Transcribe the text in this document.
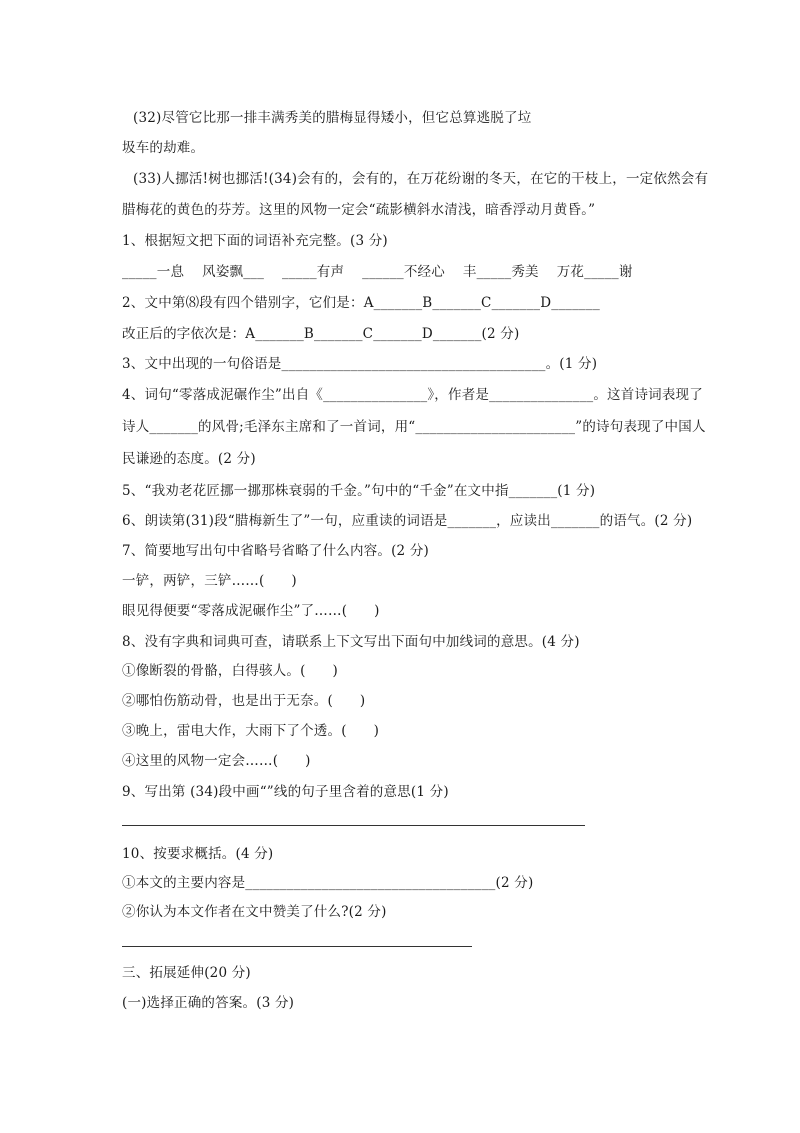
(32)尽管它比那一排丰满秀美的腊梅显得矮小，但它总算逃脱了垃
圾车的劫难。
(33)人挪活!树也挪活!(34)会有的，会有的，在万花纷谢的冬天，在它的干枝上，一定依然会有
腊梅花的黄色的芬芳。这里的风物一定会“疏影横斜水清浅，暗香浮动月黄昏。”
1、根据短文把下面的词语补充完整。(3 分)
_____一息    风姿飘___    _____有声    ______不经心    丰_____秀美    万花_____谢
2、文中第⑻段有四个错别字，它们是：A_______B_______C_______D_______
改正后的字依次是：A_______B_______C_______D_______(2 分)
3、文中出现的一句俗语是______________________________________。(1 分)
4、词句“零落成泥碾作尘”出自《_______________》，作者是_______________。这首诗词表现了
诗人_______的风骨;毛泽东主席和了一首词，用“_______________________”的诗句表现了中国人
民谦逊的态度。(2 分)
5、“我劝老花匠挪一挪那株衰弱的千金。”句中的“千金”在文中指_______(1 分)
6、朗读第(31)段“腊梅新生了”一句，应重读的词语是_______，应读出_______的语气。(2 分)
7、简要地写出句中省略号省略了什么内容。(2 分)
一铲，两铲，三铲……(      )
眼见得便要“零落成泥碾作尘”了……(      )
8、没有字典和词典可查，请联系上下文写出下面句中加线词的意思。(4 分)
①像断裂的骨骼，白得骇人。(      )
②哪怕伤筋动骨，也是出于无奈。(      )
③晚上，雷电大作，大雨下了个透。(      )
④这里的风物一定会……(      )
9、写出第 (34)段中画“”线的句子里含着的意思(1 分)
10、按要求概括。(4 分)
①本文的主要内容是____________________________________(2 分)
②你认为本文作者在文中赞美了什么?(2 分)
三、拓展延伸(20 分)
(一)选择正确的答案。(3 分)
